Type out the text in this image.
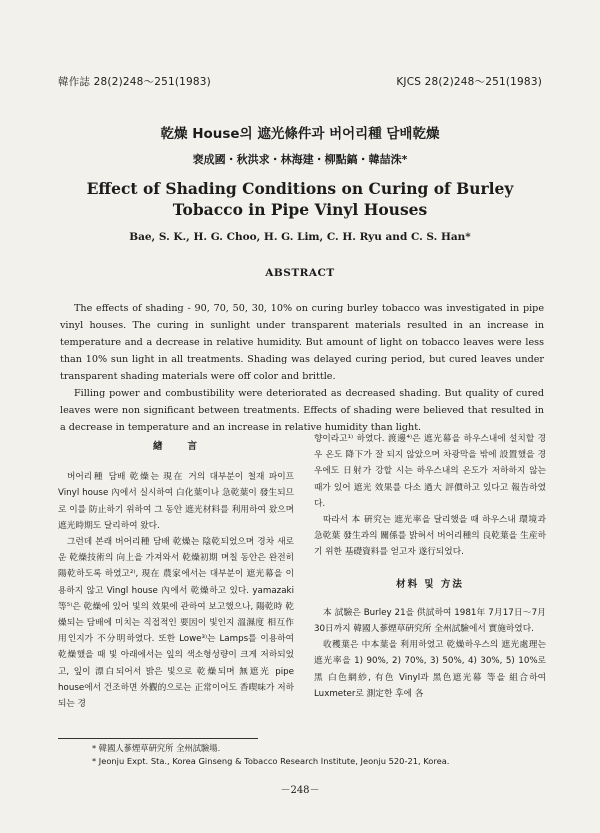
韓作誌 28(2)248～251(1983)	KJCS 28(2)248～251(1983)
乾燥 House의 遮光條件과 버어리種 담배乾燥
裵成國・秋洪求・林海建・柳點鎬・韓喆洙*
Effect of Shading Conditions on Curing of Burley
Tobacco in Pipe Vinyl Houses
Bae, S. K., H. G. Choo, H. G. Lim, C. H. Ryu and C. S. Han*
ABSTRACT

The effects of shading - 90, 70, 50, 30, 10% on curing burley tobacco was investigated in pipe vinyl houses. The curing in sunlight under transparent materials resulted in an increase in temperature and a decrease in relative humidity. But amount of light on tobacco leaves were less than 10% sun light in all treatments. Shading was delayed curing period, but cured leaves under transparent shading materials were off color and brittle.

Filling power and combustibility were deteriorated as decreased shading. But quality of cured leaves were non significant between treatments. Effects of shading were believed that resulted in a decrease in temperature and an increase in relative humidity than light.

緖　　言

버어리種 담배 乾燥는 現在 거의 대부분이 철재 파이프 Vinyl house 內에서 실시하여 白化葉이나 急乾葉이 發生되므로 이를 防止하기 위하여 그 동안 遮光材料를 利用하여 왔으며 遮光時期도 달리하여 왔다.

그런데 본래 버어리種 담배 乾燥는 陰乾되었으며 경차 새로운 乾燥技術의 向上을 가져와서 乾燥初期 며칠 동안은 완전히 陽乾하도록 하였고²⁾, 現在 農家에서는 대부분이 遮光幕을 이용하지 않고 Vingl house 內에서 乾燥하고 있다. yamazaki 等⁵⁾은 乾燥에 있어 빛의 效果에 관하여 보고했으나, 陽乾時 乾燥되는 담배에 미치는 직접적인 要因이 빛인지 溫濕度 相互作用인지가 不分明하였다. 또한 Lowe³⁾는 Lamps를 이용하여 乾燥했을 때 빛 아래에서는 잎의 색소형성량이 크게 저하되었고, 잎이 漂白되어서 밝은 빛으로 乾燥되며 無遮光 pipe house에서 건조하면 外觀的으로는 正常이어도 香喫味가 저하되는 경

향이라고¹⁾ 하였다. 渡邊⁴⁾은 遮光幕을 하우스내에 설치할 경우 온도 降下가 잘 되지 않았으며 차광막을 밖에 設置했을 경우에도 日射가 강할 시는 하우스내의 온도가 저하하지 않는 때가 있어 遮光 效果를 다소 過大 評價하고 있다고 報告하였다.

따라서 本 硏究는 遮光率을 달리했을 때 하우스내 環境과 急乾葉 發生과의 關係를 밝혀서 버어리種의 良乾葉을 生産하기 위한 基礎資料를 얻고자 遂行되었다.

材料 및 方法

本 試驗은 Burley 21을 供試하여 1981年 7月17日～7月 30日까지 韓國人蔘煙草硏究所 全州試驗에서 實施하였다.

收穫葉은 中本葉을 利用하였고 乾燥하우스의 遮光處理는 遮光率을 1) 90%, 2) 70%, 3) 50%, 4) 30%, 5) 10%로 黑 白色網紗, 有色 Vinyl과 黑色遮光幕 等을 組合하여 Luxmeter로 測定한 후에 各

* 韓國人蔘煙草硏究所 全州試驗場.
* Jeonju Expt. Sta., Korea Ginseng & Tobacco Research Institute, Jeonju 520-21, Korea.
－248－
